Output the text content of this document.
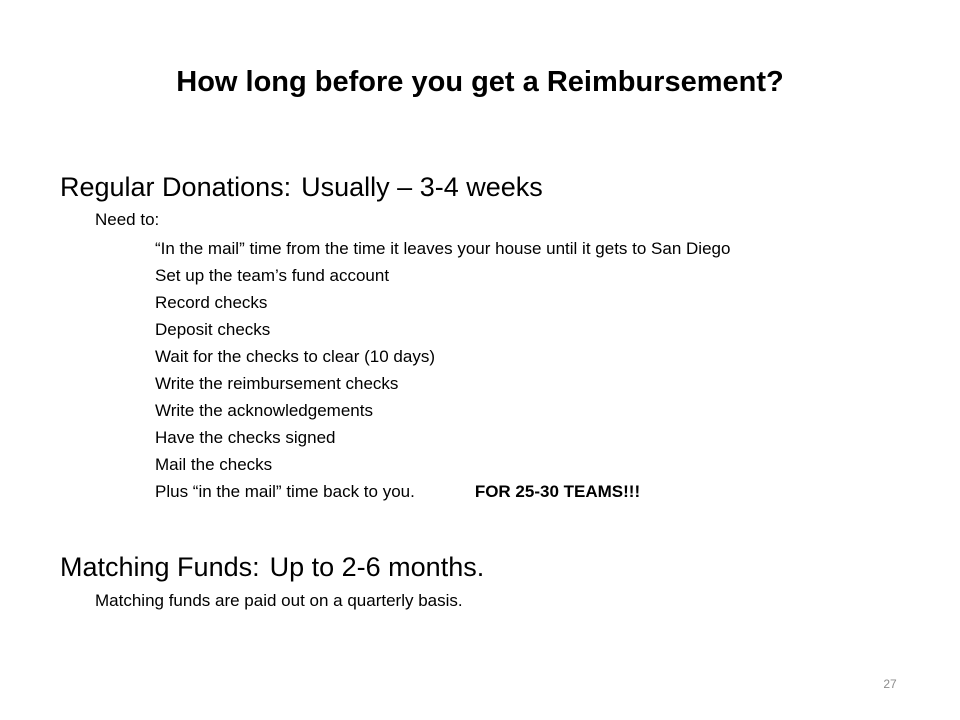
How long before you get a Reimbursement?
Regular Donations: Usually – 3-4 weeks
Need to:
“In the mail” time from the time it leaves your house until it gets to San Diego
Set up the team’s fund account
Record checks
Deposit checks
Wait for the checks to clear (10 days)
Write the reimbursement checks
Write the acknowledgements
Have the checks signed
Mail the checks
Plus “in the mail” time back to you.	FOR 25-30 TEAMS!!!
Matching Funds: Up to 2-6 months.
Matching funds are paid out on a quarterly basis.
27
